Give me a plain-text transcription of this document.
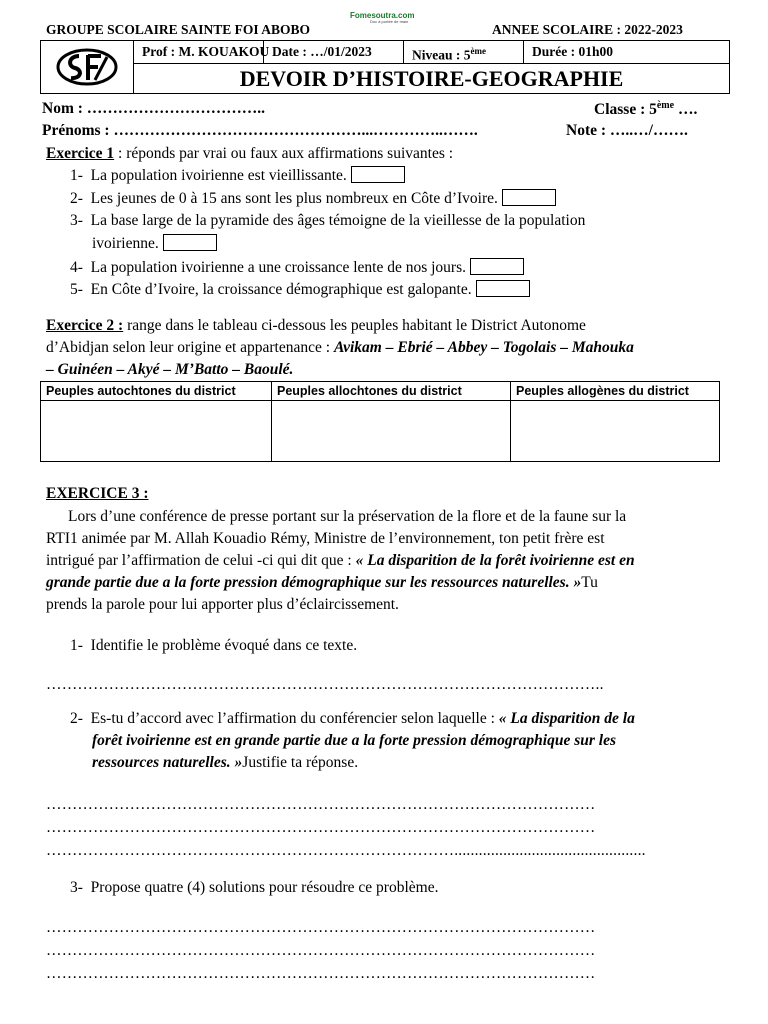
GROUPE SCOLAIRE SAINTE FOI ABOBO
Fomesoutra.com
Doc à portée de main
ANNEE SCOLAIRE : 2022-2023
Prof : M. KOUAKOU Date : …/01/2023	Niveau : 5ème	Durée : 01h00
DEVOIR D’HISTOIRE-GEOGRAPHIE
Nom : ……………………………..	Classe : 5ème ….
Prénoms : …………………………………………...…………..…….	Note : …..…/…….
Exercice 1 : réponds par vrai ou faux aux affirmations suivantes :
1- La population ivoirienne est vieillissante.
2- Les jeunes de 0 à 15 ans sont les plus nombreux en Côte d’Ivoire.
3- La base large de la pyramide des âges témoigne de la vieillesse de la population
ivoirienne.
4- La population ivoirienne a une croissance lente de nos jours.
5- En Côte d’Ivoire, la croissance démographique est galopante.
Exercice 2 : range dans le tableau ci-dessous les peuples habitant le District Autonome
d’Abidjan selon leur origine et appartenance : Avikam – Ebrié – Abbey – Togolais – Mahouka
– Guinéen – Akyé – M’Batto – Baoulé.
Peuples autochtones du district	Peuples allochtones du district	Peuples allogènes du district

EXERCICE 3 :
Lors d’une conférence de presse portant sur la préservation de la flore et de la faune sur la
RTI1 animée par M. Allah Kouadio Rémy, Ministre de l’environnement, ton petit frère est
intrigué par l’affirmation de celui -ci qui dit que : « La disparition de la forêt ivoirienne est en
grande partie due a la forte pression démographique sur les ressources naturelles. »Tu
prends la parole pour lui apporter plus d’éclaircissement.
1-  Identifie le problème évoqué dans ce texte.
……………………………………………………………………………………………..
2-  Es-tu d’accord avec l’affirmation du conférencier selon laquelle : « La disparition de la
forêt ivoirienne est en grande partie due a la forte pression démographique sur les
ressources naturelles. »Justifie ta réponse.
……………………………………………………………………………………………
……………………………………………………………………………………………
……………………………………………………………………...............................................
3-  Propose quatre (4) solutions pour résoudre ce problème.
……………………………………………………………………………………………
……………………………………………………………………………………………
……………………………………………………………………………………………
